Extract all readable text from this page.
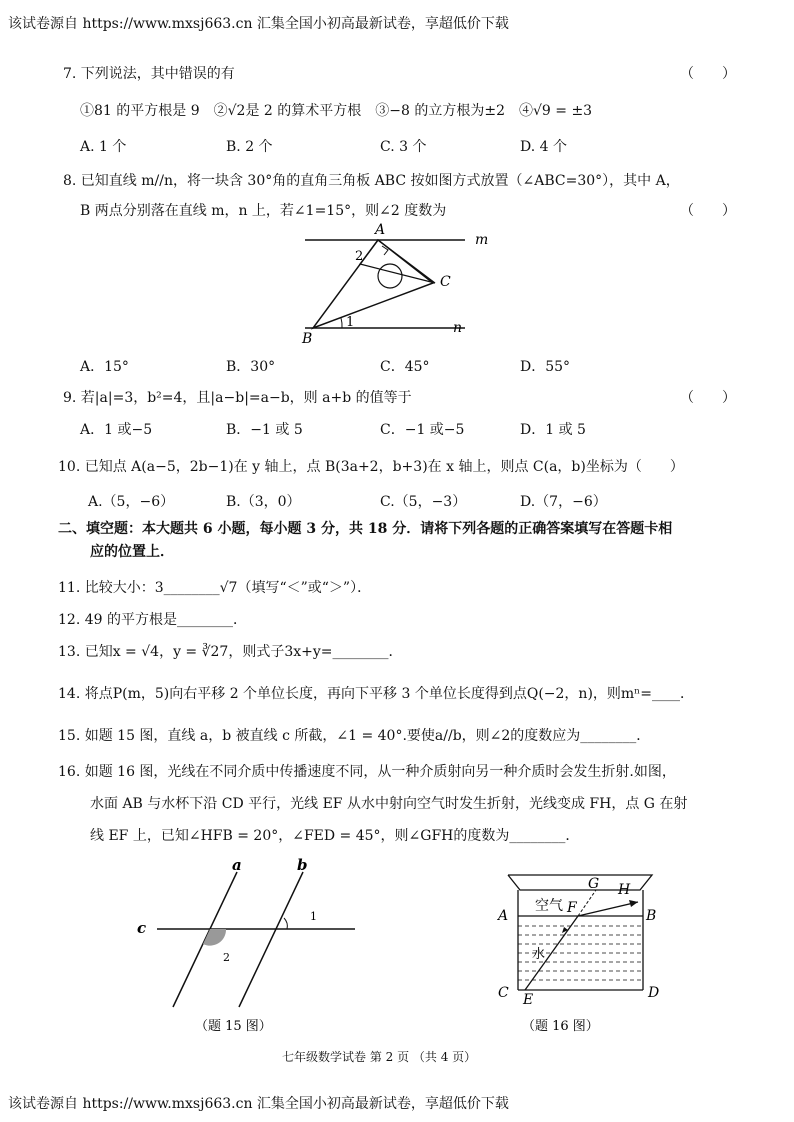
该试卷源自 https://www.mxsj663.cn 汇集全国小初高最新试卷，享超低价下载
7. 下列说法，其中错误的有	（　　）
①81 的平方根是 9　②√2是 2 的算术平方根　③−8 的立方根为±2　④√9 = ±3
A. 1 个	B. 2 个	C. 3 个	D. 4 个
8. 已知直线 m//n，将一块含 30°角的直角三角板 ABC 按如图方式放置（∠ABC=30°），其中 A，
B 两点分别落在直线 m，n 上，若∠1=15°，则∠2 度数为	（　　）
A
B
C
m
n
1
2
A．15°	B．30°	C．45°	D．55°
9. 若|a|=3，b²=4，且|a−b|=a−b，则 a+b 的值等于	（　　）
A．1 或−5	B．−1 或 5	C．−1 或−5	D．1 或 5
10. 已知点 A(a−5，2b−1)在 y 轴上，点 B(3a+2，b+3)在 x 轴上，则点 C(a，b)坐标为（　　）
A.（5，−6）	B.（3，0）	C.（5，−3）	D.（7，−6）
二、填空题：本大题共 6 小题，每小题 3 分，共 18 分．请将下列各题的正确答案填写在答题卡相
应的位置上．
11. 比较大小：3________√7（填写“＜”或“＞”）．
12. 49 的平方根是________．
13. 已知x = √4，y = ∛27，则式子3x+y=________．
14. 将点P(m，5)向右平移 2 个单位长度，再向下平移 3 个单位长度得到点Q(−2，n)，则mⁿ=____．
15. 如题 15 图，直线 a，b 被直线 c 所截，∠1 = 40°.要使a//b，则∠2的度数应为________．
16. 如题 16 图，光线在不同介质中传播速度不同，从一种介质射向另一种介质时会发生折射.如图，
水面 AB 与水杯下沿 CD 平行，光线 EF 从水中射向空气时发生折射，光线变成 FH，点 G 在射
线 EF 上，已知∠HFB = 20°，∠FED = 45°，则∠GFH的度数为________．
a	b
c
1
2
（题 15 图）
空气
水
A	B
C	D
E
F
G H
（题 16 图）
七年级数学试卷 第 2 页 （共 4 页）
该试卷源自 https://www.mxsj663.cn 汇集全国小初高最新试卷，享超低价下载
